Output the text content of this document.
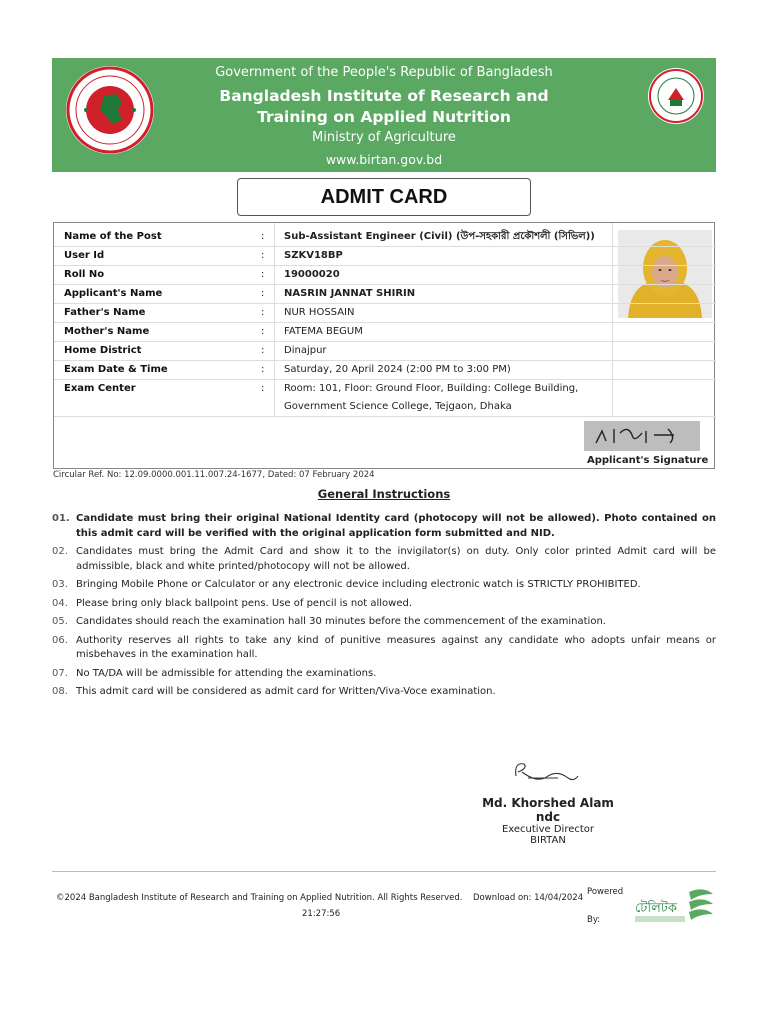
Government of the People's Republic of Bangladesh
Bangladesh Institute of Research and Training on Applied Nutrition
Ministry of Agriculture
www.birtan.gov.bd
ADMIT CARD
Applicant's Signature
Name of the Post	: Sub-Assistant Engineer (Civil) (উপ-সহকারী প্রকৌশলী (সিভিল))
User Id	: SZKV18BP
Roll No	: 19000020
Applicant's Name	: NASRIN JANNAT SHIRIN
Father's Name	: NUR HOSSAIN
Mother's Name	: FATEMA BEGUM
Home District	: Dinajpur
Exam Date & Time	: Saturday, 20 April 2024 (2:00 PM to 3:00 PM)
Exam Center	: Room: 101, Floor: Ground Floor, Building: College Building, Government Science College, Tejgaon, Dhaka
Circular Ref. No: 12.09.0000.001.11.007.24-1677, Dated: 07 February 2024
General Instructions
01. Candidate must bring their original National Identity card (photocopy will not be allowed). Photo contained on this admit card will be verified with the original application form submitted and NID.
02. Candidates must bring the Admit Card and show it to the invigilator(s) on duty. Only color printed Admit card will be admissible, black and white printed/photocopy will not be allowed.
03. Bringing Mobile Phone or Calculator or any electronic device including electronic watch is STRICTLY PROHIBITED.
04. Please bring only black ballpoint pens. Use of pencil is not allowed.
05. Candidates should reach the examination hall 30 minutes before the commencement of the examination.
06. Authority reserves all rights to take any kind of punitive measures against any candidate who adopts unfair means or misbehaves in the examination hall.
07. No TA/DA will be admissible for attending the examinations.
08. This admit card will be considered as admit card for Written/Viva-Voce examination.
Md. Khorshed Alam ndc
Executive Director
BIRTAN
©2024 Bangladesh Institute of Research and Training on Applied Nutrition. All Rights Reserved. Download on: 14/04/2024
21:27:56
Powered
By:
টেলিটক
